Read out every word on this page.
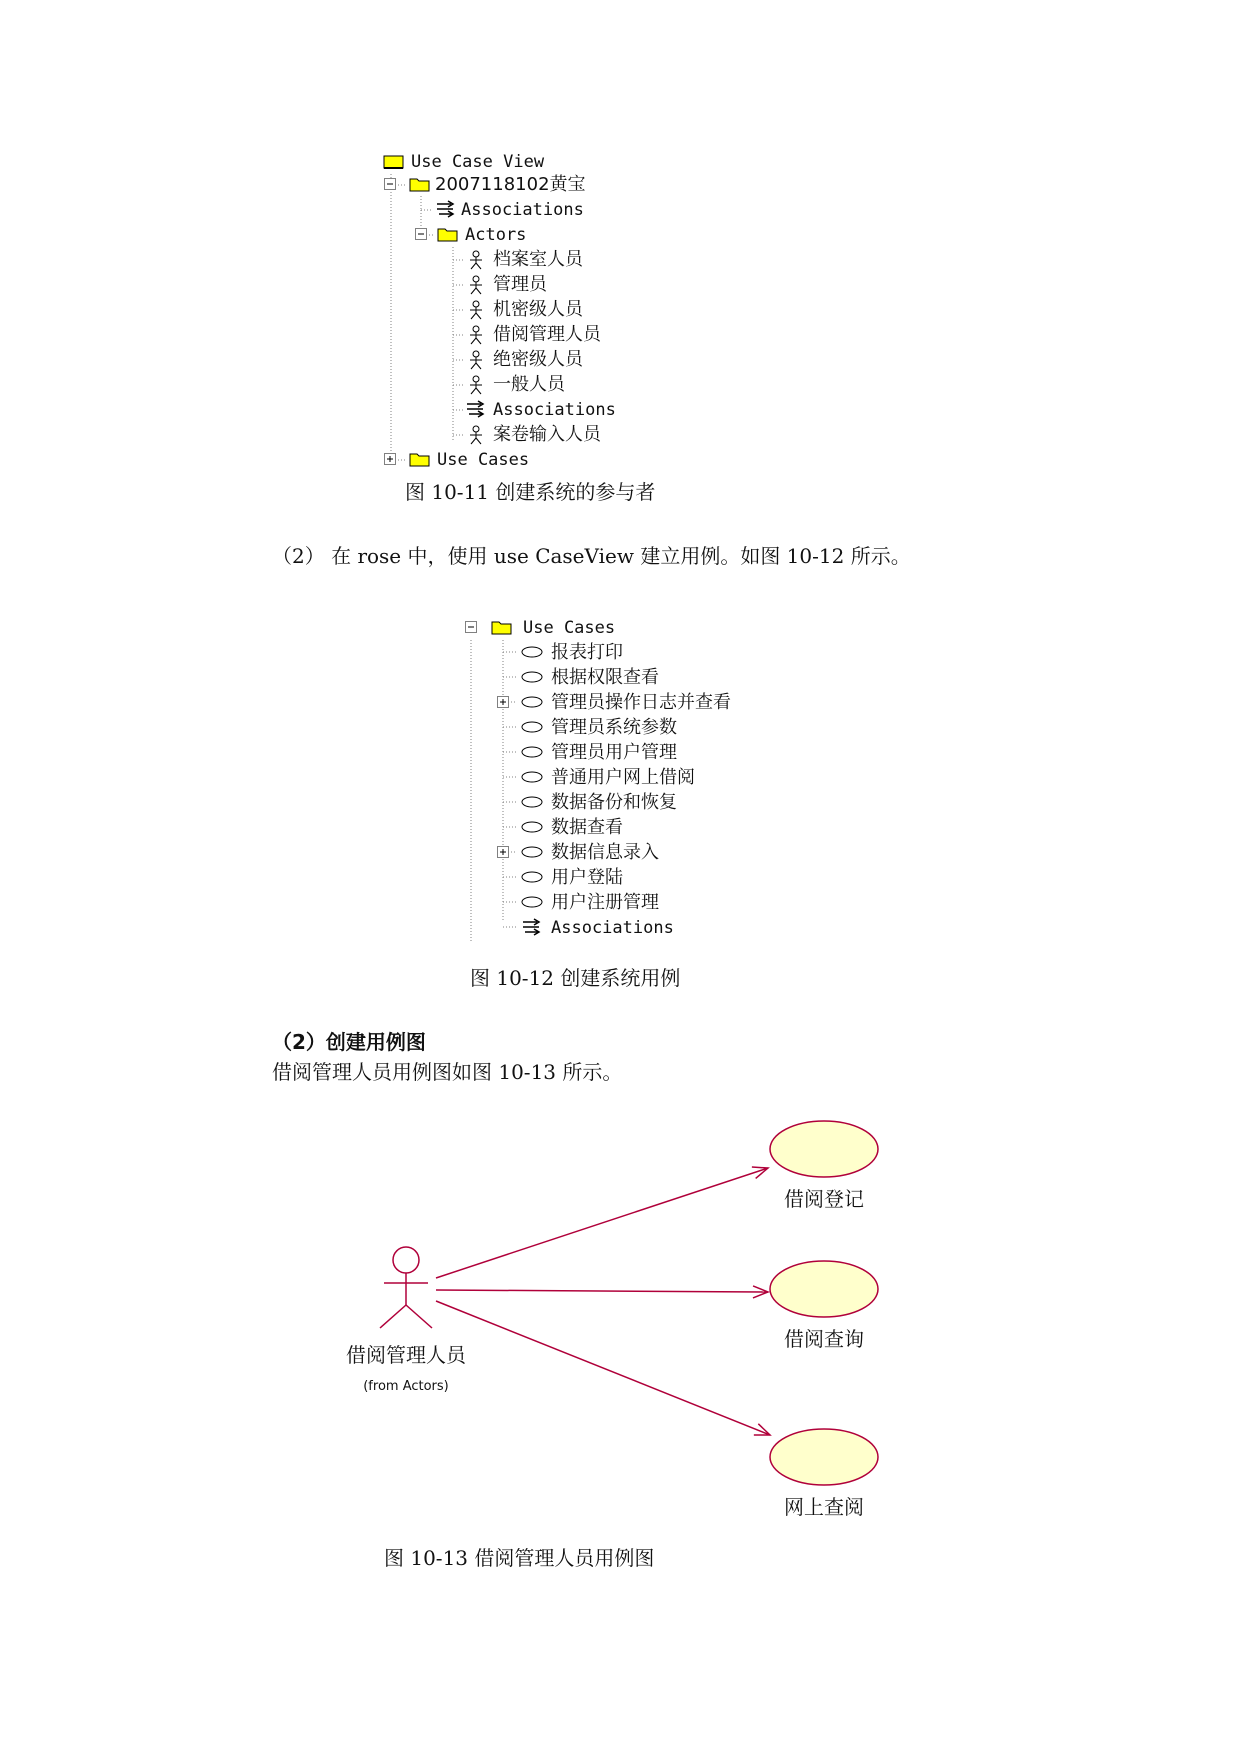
Use Case View
2007118102黄宝
Associations
Actors
档案室人员
管理员
机密级人员
借阅管理人员
绝密级人员
一般人员
Associations
案卷输入人员
Use Cases
图 10-11 创建系统的参与者
（2） 在 rose 中，使用 use CaseView 建立用例。如图 10-12 所示。
Use Cases
报表打印
根据权限查看
管理员操作日志并查看
管理员系统参数
管理员用户管理
普通用户网上借阅
数据备份和恢复
数据查看
数据信息录入
用户登陆
用户注册管理
Associations
图 10-12 创建系统用例
（2）创建用例图
借阅管理人员用例图如图 10-13 所示。
借阅管理人员
(from Actors)
借阅登记
借阅查询
网上查阅
图 10-13 借阅管理人员用例图
